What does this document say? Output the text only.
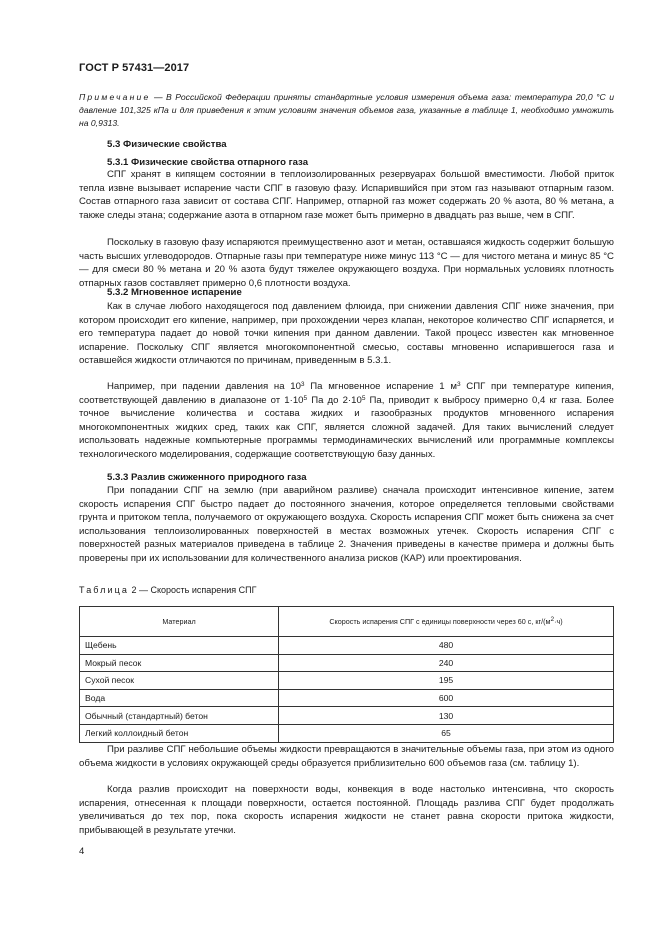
ГОСТ Р 57431—2017
Примечание — В Российской Федерации приняты стандартные условия измерения объема газа: температура 20,0 °С и давление 101,325 кПа и для приведения к этим условиям значения объемов газа, указанные в таблице 1, необходимо умножить на 0,9313.
5.3 Физические свойства
5.3.1 Физические свойства отпарного газа

СПГ хранят в кипящем состоянии в теплоизолированных резервуарах большой вместимости. Любой приток тепла извне вызывает испарение части СПГ в газовую фазу. Испарившийся при этом газ называют отпарным газом. Состав отпарного газа зависит от состава СПГ. Например, отпарной газ может содержать 20 % азота, 80 % метана, а также следы этана; содержание азота в отпарном газе может быть примерно в двадцать раз выше, чем в СПГ.

Поскольку в газовую фазу испаряются преимущественно азот и метан, оставшаяся жидкость содержит большую часть высших углеводородов. Отпарные газы при температуре ниже минус 113 °С — для чистого метана и минус 85 °С — для смеси 80 % метана и 20 % азота будут тяжелее окружающего воздуха. При нормальных условиях плотность отпарных газов составляет примерно 0,6 плотности воздуха.

5.3.2 Мгновенное испарение

Как в случае любого находящегося под давлением флюида, при снижении давления СПГ ниже значения, при котором происходит его кипение, например, при прохождении через клапан, некоторое количество СПГ испаряется, и его температура падает до новой точки кипения при данном давлении. Такой процесс известен как мгновенное испарение. Поскольку СПГ является многокомпонентной смесью, составы мгновенно испарившегося газа и оставшейся жидкости отличаются по причинам, приведенным в 5.3.1.

Например, при падении давления на $10^3$ Па мгновенное испарение 1 $м^3$ СПГ при температуре кипения, соответствующей давлению в диапазоне от $1\cdot 10^5$ Па до $2\cdot 10^5$ Па, приводит к выбросу примерно 0,4 кг газа. Более точное вычисление количества и состава жидких и газообразных продуктов мгновенного испарения многокомпонентных жидких сред, таких как СПГ, является сложной задачей. Для таких вычислений следует использовать надежные компьютерные программы термодинамических вычислений или программные комплексы технологического моделирования, содержащие соответствующую базу данных.

5.3.3 Разлив сжиженного природного газа

При попадании СПГ на землю (при аварийном разливе) сначала происходит интенсивное кипение, затем скорость испарения СПГ быстро падает до постоянного значения, которое определяется тепловыми свойствами грунта и притоком тепла, получаемого от окружающего воздуха. Скорость испарения СПГ может быть снижена за счет использования теплоизолированных поверхностей в местах возможных утечек. Скорость испарения СПГ с поверхностей разных материалов приведена в таблице 2. Значения приведены в качестве примера и должны быть проверены при их использовании для количественного анализа рисков (КАР) или проектирования.

Таблица 2 — Скорость испарения СПГ
Материал	Скорость испарения СПГ с единицы поверхности через 60 с, $кг/(м^2\cdot ч)$
Щебень	480
Мокрый песок	240
Сухой песок	195
Вода	600
Обычный (стандартный) бетон	130
Легкий коллоидный бетон	65

При разливе СПГ небольшие объемы жидкости превращаются в значительные объемы газа, при этом из одного объема жидкости в условиях окружающей среды образуется приблизительно 600 объемов газа (см. таблицу 1).

Когда разлив происходит на поверхности воды, конвекция в воде настолько интенсивна, что скорость испарения, отнесенная к площади поверхности, остается постоянной. Площадь разлива СПГ будет продолжать увеличиваться до тех пор, пока скорость испарения жидкости не станет равна скорости притока жидкости, прибывающей в результате утечки.

4
